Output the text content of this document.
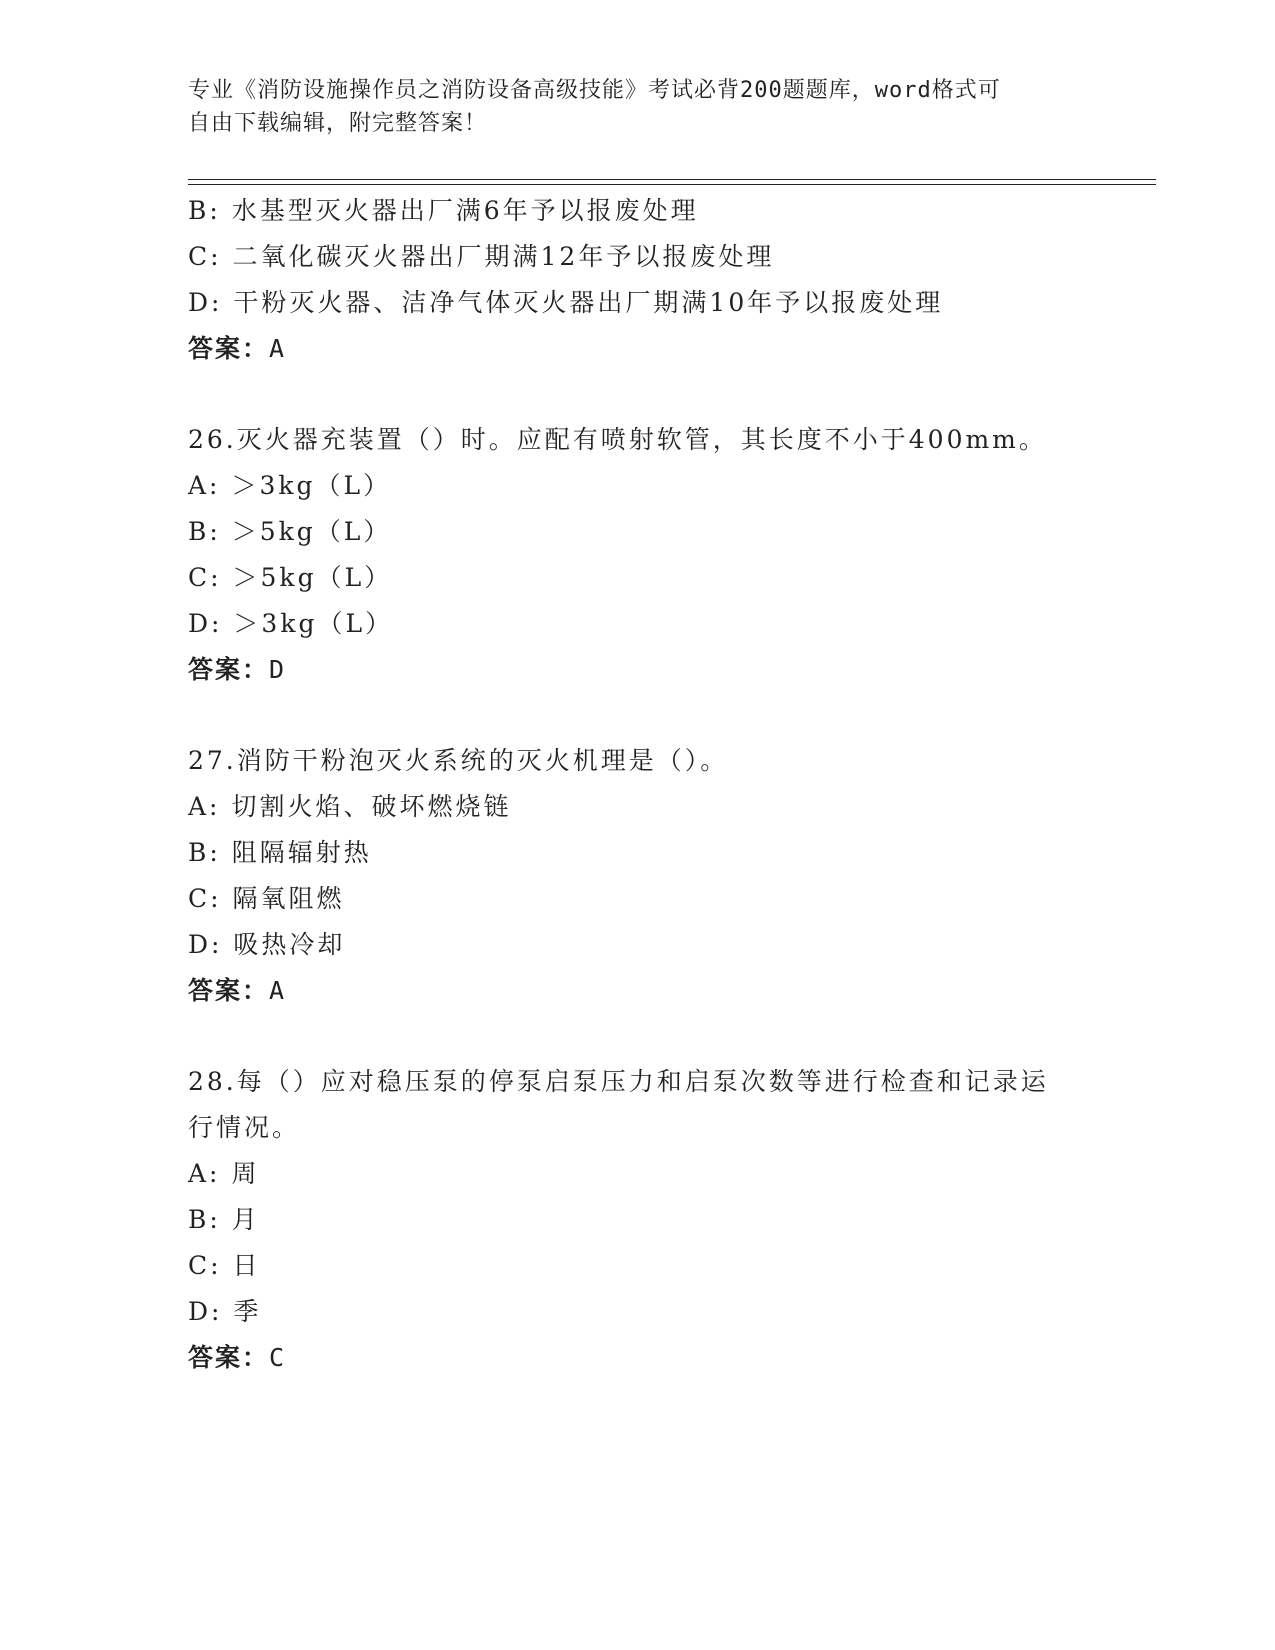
专业《消防设施操作员之消防设备高级技能》考试必背200题题库，word格式可
自由下载编辑，附完整答案！
B: 水基型灭火器出厂满6年予以报废处理
C: 二氧化碳灭火器出厂期满12年予以报废处理
D: 干粉灭火器、洁净气体灭火器出厂期满10年予以报废处理
答案：A
26.灭火器充装置（）时。应配有喷射软管，其长度不小于400mm。
A: ＞3kg（L）
B: ＞5kg（L）
C: ＞5kg（L）
D: ＞3kg（L）
答案：D
27.消防干粉泡灭火系统的灭火机理是（）。
A: 切割火焰、破坏燃烧链
B: 阻隔辐射热
C: 隔氧阻燃
D: 吸热冷却
答案：A
28.每（）应对稳压泵的停泵启泵压力和启泵次数等进行检查和记录运
行情况。
A: 周
B: 月
C: 日
D: 季
答案：C
